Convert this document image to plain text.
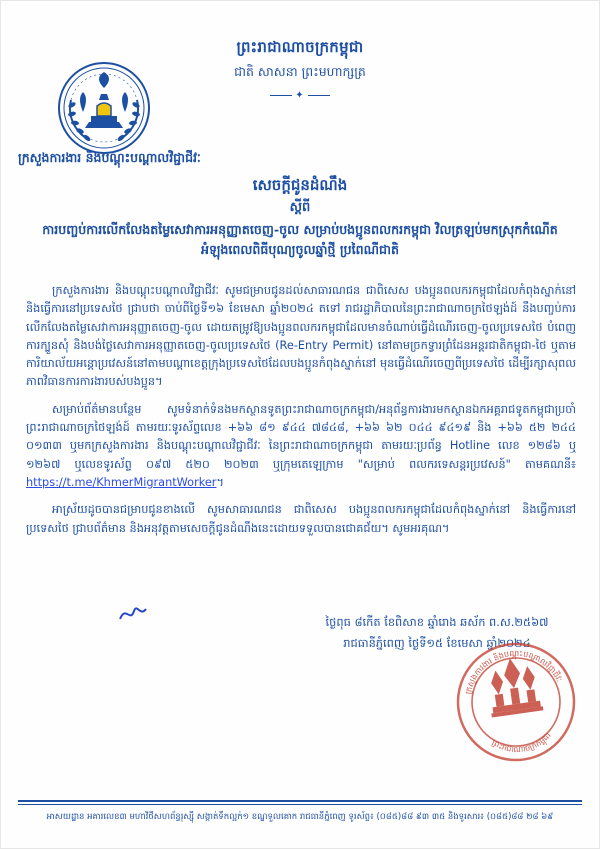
ព្រះរាជាណាចក្រកម្ពុជា
ជាតិ សាសនា ព្រះមហាក្សត្រ
✦
ក្រសួងការងារ និងបណ្ដុះបណ្ដាលវិជ្ជាជីវៈ
សេចក្ដីជូនដំណឹង
ស្ដីពី
ការបញ្ចប់ការលើកលែងតម្លៃសេវាការអនុញ្ញាតចេញ-ចូល សម្រាប់បងប្អូនពលករកម្ពុជា វិលត្រឡប់មកស្រុកកំណើត អំឡុងពេលពិធីបុណ្យចូលឆ្នាំថ្មី ប្រពៃណីជាតិ

ក្រសួងការងារ និងបណ្ដុះបណ្ដាលវិជ្ជាជីវៈ សូមជម្រាបជូនដល់សាធារណជន ជាពិសេស បងប្អូនពលករកម្ពុជាដែលកំពុងស្នាក់នៅ និងធ្វើការនៅប្រទេសថៃ ជ្រាបថា ចាប់ពីថ្ងៃទី១៦ ខែមេសា ឆ្នាំ២០២៤ តទៅ រាជរដ្ឋាភិបាលនៃព្រះរាជាណាចក្រថៃឡង់ដ៍ នឹងបញ្ចប់ការលើកលែងតម្លៃសេវាការអនុញ្ញាតចេញ-ចូល ដោយតម្រូវឱ្យបងប្អូនពលករកម្ពុជាដែលមានចំណាប់ធ្វើដំណើរចេញ-ចូលប្រទេសថៃ បំពេញការក្បួនសុំ និងបង់ថ្លៃសេវាការអនុញ្ញាតចេញ-ចូលប្រទេសថៃ (Re-Entry Permit) នៅតាមច្រកទ្វារព្រំដែនអន្តរជាតិកម្ពុជា-ថៃ ឬតាមការិយាល័យអន្តោប្រវេសន៍នៅតាមបណ្ដាខេត្តក្រុងប្រទេសថៃដែលបងប្អូនកំពុងស្នាក់នៅ មុនធ្វើដំណើរចេញពីប្រទេសថៃ ដើម្បីរក្សាសុពលភាពវិធានការការងារបស់បងប្អូន។

សម្រាប់ព័ត៌មានបន្ថែម សូមទំនាក់ទំនងមកស្ថានទូតព្រះរាជាណាចក្រកម្ពុជា/អនុព័ន្ធការងារមកស្ថានឯកអគ្គរាជទូតកម្ពុជាប្រចាំព្រះរាជាណាចក្រថៃឡង់ដ៍ តាមរយៈទូរស័ព្ទលេខ +៦៦ ៨១ ៩៤៤ ៧៨៤៨, +៦៦ ៦២ ០៤៤ ៩៤១៩ និង +៦៦ ៥២ ២៤៤ ០១៣៣ ឬមកក្រសួងការងារ និងបណ្ដុះបណ្ដាលវិជ្ជាជីវៈ នៃព្រះរាជាណាចក្រកម្ពុជា តាមរយៈប្រព័ន្ធ Hotline លេខ ១២៨៦ ឬ ១២៦៧ ឬលេខទូរស័ព្ទ ០៩៧ ៥២០ ២០២៣ ឬក្រុមតេឡេក្រាម "សម្រាប់ ពលករទេសន្តរប្រវេសន៍" តាមគណនី៖ https://t.me/KhmerMigrantWorker។

អាស្រ័យដូចបានជម្រាបជូនខាងលើ សូមសាធារណជន ជាពិសេស បងប្អូនពលករកម្ពុជាដែលកំពុងស្នាក់នៅ និងធ្វើការនៅប្រទេសថៃ ជ្រាបព័ត៌មាន និងអនុវត្តតាមសេចក្ដីជូនដំណឹងនេះដោយទទួលបានជោគជ័យ។ សូមអរគុណ។

ថ្ងៃពុធ ៨កើត ខែពិសាខ ឆ្នាំរោង ឆស័ក ព.ស.២៥៦៧
រាជធានីភ្នំពេញ ថ្ងៃទី១៥ ខែមេសា ឆ្នាំ២០២៤
ក្រសួងការងារ និងបណ្ដុះបណ្ដាលវិជ្ជាជីវៈ
ព្រះរាជាណាចក្រកម្ពុជា
អាសយដ្ឋាន អគារលេខ៣ មហាវិថីសហព័ន្ធរុស្ស៊ី សង្កាត់ទឹកល្អក់១ ខណ្ឌទួលគោក រាជធានីភ្នំពេញ ទូរស័ព្ទ៖ (០៨៥)៨៨ ៩៣ ៣៥ និងទូរសារ៖ (០៨៥)៨៨ ២៨ ៦៩
